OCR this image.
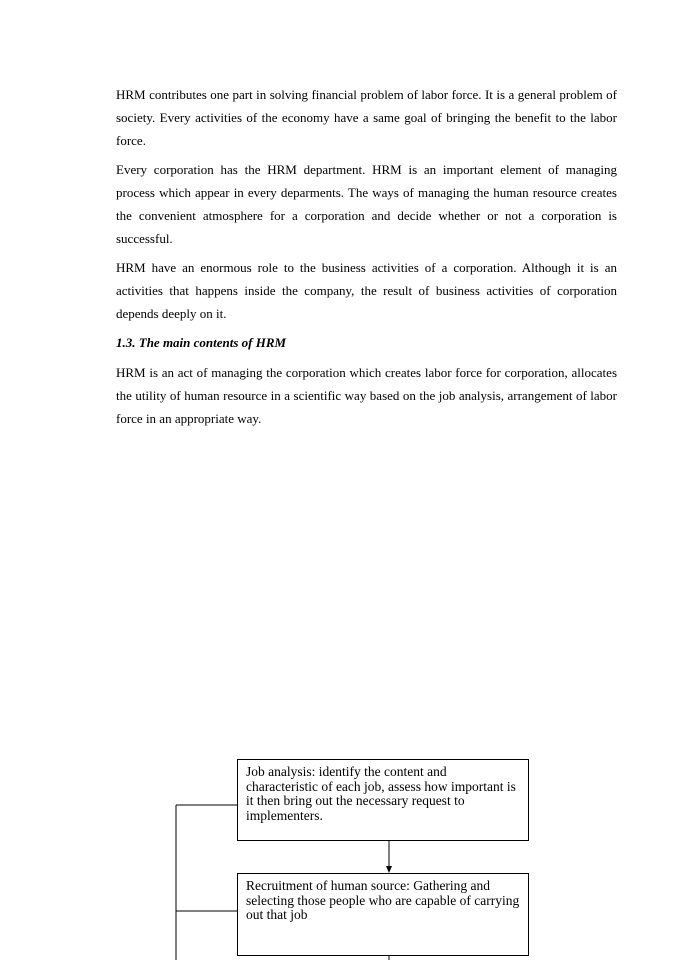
HRM contributes one part in solving financial problem of labor force. It is a general problem of society. Every activities of the economy have a same goal of bringing the benefit to the labor force.

Every corporation has the HRM department. HRM is an important element of managing process which appear in every deparments. The ways of managing the human resource creates the convenient atmosphere for a corporation and decide whether or not a corporation is successful.

HRM have an enormous role to the business activities of a corporation. Although it is an activities that happens inside the company, the result of business activities of corporation depends deeply on it.

1.3. The main contents of HRM

HRM is an act of managing the corporation which creates labor force for corporation, allocates the utility of human resource in a scientific way based on the job analysis, arrangement of labor force in an appropriate way.

Job analysis: identify the content and characteristic of each job, assess how important is it then bring out the necessary request to implementers.
Recruitment of human source: Gathering and selecting those people who are capable of carrying out that job
